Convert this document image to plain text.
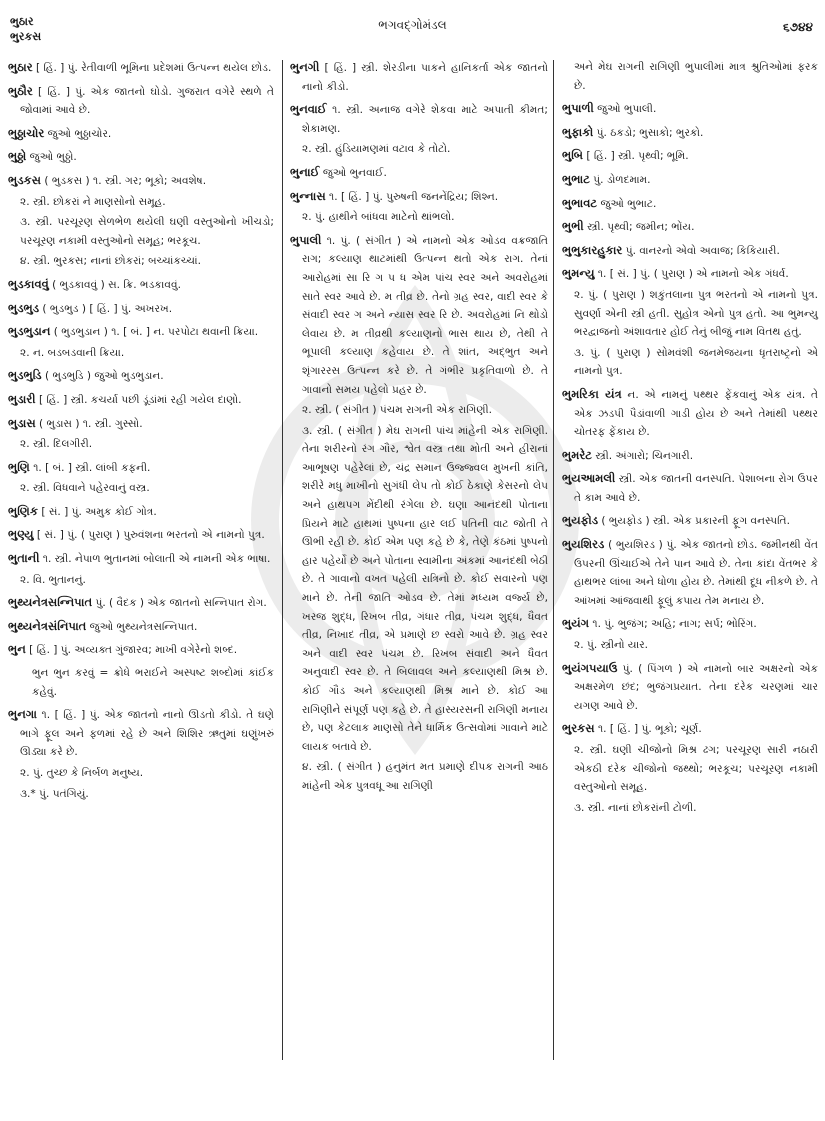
ભુઠાર
ભુરકસ
ભગવદ્ગોમંડલ	૬૭૪૪
ભુઠાર [ હિં. ] પું. રેતીવાળી ભૂમિના પ્રદેશમાં ઉત્પન્ન થયેલ છોડ.
ભુઠૌર [ હિં. ] પું. એક જાતનો ઘોડો. ગુજરાત વગેરે સ્થળે તે જોવામાં આવે છે.
ભુઠ્ઠાચોર જુઓ ભુઠ્ઠાચોર.
ભુઠ્ઠો જુઓ ભુઠ્ઠો.
ભુડકસ ( ભુડકસ ) ૧. સ્ત્રી. ગર; ભૂકો; અવશેષ.
૨. સ્ત્રી. છોકરાં ને માણસોનો સમૂહ.
૩. સ્ત્રી. પરચૂરણ સેળભેળ થયેલી ઘણી વસ્તુઓનો ખીચડો; પરચૂરણ નકામી વસ્તુઓનો સમૂહ; ભરકૂચ.
૪. સ્ત્રી. ભુરકસ; નાનાં છોકરાં; બચ્ચાંકચ્ચાં.
ભુડકાવવું ( ભુડકાવવું ) સ. ક્રિ. ભડકાવવું.
ભુડભુડ ( ભુડભુડ ) [ હિં. ] પું. અખરખ.
ભુડભુડાન ( ભુડભુડાન ) ૧. [ બં. ] ન. પરપોટા થવાની ક્રિયા.
૨. ન. બડબડવાની ક્રિયા.
ભુડભુડિ ( ભુડભુડિ ) જુઓ ભુડભુડાન.
ભુડારી [ હિં. ] સ્ત્રી. કચર્યા પછી ડૂંડાંમાં રહી ગયેલ દાણો.
ભુડાસ ( ભુડાસ ) ૧. સ્ત્રી. ગુસ્સો.
૨. સ્ત્રી. દિલગીરી.
ભુણિ ૧. [ બં. ] સ્ત્રી. લાંબી કફની.
૨. સ્ત્રી. વિધવાને પહેરવાનું વસ્ત્ર.
ભુણિક [ સં. ] પું. અમુક કોઈ ગોત્ર.
ભુણ્યુ [ સં. ] પું. ( પુરાણ ) પુરુવંશના ભરતનો એ નામનો પુત્ર.
ભુતાની ૧. સ્ત્રી. નેપાળ ભુતાનમાં બોલાતી એ નામની એક ભાષા.
૨. વિ. ભુતાનનું.
ભુથ્યનેત્રસન્નિપાત પું. ( વૈદક ) એક જાતનો સન્નિપાત રોગ.
ભુથ્યનેત્રસંનિપાત જુઓ ભુથ્યનેત્રસન્નિપાત.
ભુન [ હિં. ] પું. અવ્યક્ત ગુંજારવ; માખી વગેરેનો શબ્દ.
ભુન ભુન કરવું = ક્રોધે ભરાઈને અસ્પષ્ટ શબ્દોમાં કાંઈક કહેવું.
ભુનગા ૧. [ હિં. ] પું. એક જાતનો નાનો ઊડતો કીડો. તે ઘણે ભાગે ફૂલ અને ફળમાં રહે છે અને શિશિર ઋતુમાં ઘણુંખરું ઊડ્યા કરે છે.
૨. પું. તુચ્છ કે નિર્બળ મનુષ્ય.
૩.* પું. પતંગિયું.
ભુનગી [ હિં. ] સ્ત્રી. શેરડીના પાકને હાનિકર્તા એક જાતનો નાનો કીડો.
ભુનવાઈ ૧. સ્ત્રી. અનાજ વગેરે શેકવા માટે અપાતી કીમત; શેકામણ.
૨. સ્ત્રી. હુંડિયામણમાં વટાવ કે તોટો.
ભુનાઈ જુઓ ભુનવાઈ.
ભુન્નાસ ૧. [ હિં. ] પું. પુરુષની જનનેંદ્રિય; શિશ્ન.
૨. પું. હાથીને બાંધવા માટેનો થાંભલો.
ભુપાલી ૧. પું. ( સંગીત ) એ નામનો એક ઓડવ વક્રજાતિ રાગ; કલ્યાણ થાટમાંથી ઉત્પન્ન થતો એક રાગ. તેનાં આરોહમાં સા રિ ગ પ ધ એમ પાંચ સ્વર અને અવરોહમાં સાતે સ્વર આવે છે. મ તીવ્ર છે. તેનો ગ્રહ સ્વર, વાદી સ્વર કે સંવાદી સ્વર ગ અને ન્યાસ સ્વર રિ છે. અવરોહમાં નિ થોડો લેવાય છે. મ તીવ્રથી કલ્યાણનો ભાસ થાય છે, તેથી તે ભૂપાલી કલ્યાણ કહેવાય છે. તે શાંત, અદ્ભુત અને શૃંગારરસ ઉત્પન્ન કરે છે. તે ગંભીર પ્રકૃતિવાળો છે. તે ગાવાનો સમય પહેલો પ્રહર છે.
૨. સ્ત્રી. ( સંગીત ) પંચમ રાગની એક રાગિણી.
૩. સ્ત્રી. ( સંગીત ) મેઘ રાગની પાંચ માંહેની એક રાગિણી. તેના શરીરનો રંગ ગૌર, શ્વેત વસ્ત્ર તથા મોતી અને હીરાનાં આભૂષણ પહેરેલાં છે, ચંદ્ર સમાન ઉજ્જ્વલ મુખની કાંતિ, શરીરે મધુ માખીનો સુગંધી લેપ તો કોઈ ઠેકાણે કેસરનો લેપ અને હાથપગ મેંદીથી રંગેલા છે. ઘણા આનંદથી પોતાના પ્રિયને માટે હાથમાં પુષ્પના હાર લઈ પતિની વાટ જોતી તે ઊભી રહી છે. કોઈ એમ પણ કહે છે કે, તેણે કંઠમાં પુષ્પનો હાર પહેર્યો છે અને પોતાના સ્વામીના અંકમાં આનંદથી બેઠી છે. તે ગાવાનો વખત પહેલી રાત્રિનો છે. કોઈ સવારનો પણ માને છે. તેની જાતિ ઓડવ છે. તેમાં મધ્યમ વર્જ્ય છે, ખરજ શુદ્ધ, રિખબ તીવ્ર, ગંધાર તીવ્ર, પંચમ શુદ્ધ, ધૈવત તીવ્ર, નિખાદ તીવ્ર, એ પ્રમાણે છ સ્વરો આવે છે. ગ્રહ સ્વર અને વાદી સ્વર પંચમ છે. રિખબ સંવાદી અને ધૈવત અનુવાદી સ્વર છે. તે બિલાવલ અને કલ્યાણથી મિશ્ર છે. કોઈ ગૌડ અને કલ્યાણથી મિશ્ર માને છે. કોઈ આ રાગિણીને સંપૂર્ણ પણ કહે છે. તે હાસ્યરસની રાગિણી મનાય છે, પણ કેટલાક માણસો તેને ધાર્મિક ઉત્સવોમાં ગાવાને માટે લાયક બતાવે છે.
૪. સ્ત્રી. ( સંગીત ) હનુમંત મત પ્રમાણે દીપક રાગની આઠ માંહેની એક પુત્રવધૂ આ રાગિણી
અને મેઘ રાગની રાગિણી ભુપાલીમાં માત્ર શ્રુતિઓમાં ફરક છે.
ભુપાળી જુઓ ભુપાલી.
ભુફાકો પું. ઠકડો; ભુસાકો; ભુરકો.
ભુબિ [ હિં. ] સ્ત્રી. પૃથ્વી; ભૂમિ.
ભુભાટ પું. ડોળદમામ.
ભુભાવટ જુઓ ભુભાટ.
ભુભી સ્ત્રી. પૃથ્વી; જમીન; ભોંય.
ભુભુકારહુકાર પું. વાનરનો એવો અવાજ; કિકિયારી.
ભુમન્યુ ૧. [ સં. ] પું. ( પુરાણ ) એ નામનો એક ગંધર્વ.
૨. પું. ( પુરાણ ) શકુંતલાના પુત્ર ભરતનો એ નામનો પુત્ર. સુવર્ણા એની સ્ત્રી હતી. સુહોત્ર એનો પુત્ર હતો. આ ભુમન્યુ ભરદ્વાજનો અંશાવતાર હોઈ તેનું બીજું નામ વિતથ હતું.
૩. પું. ( પુરાણ ) સોમવંશી જનમેજયના ધૃતરાષ્ટ્રનો એ નામનો પુત્ર.
ભુમરિકા યંત્ર ન. એ નામનું પથ્થર ફેંકવાનું એક યંત્ર. તે એક ઝડપી પૈડાંવાળી ગાડી હોય છે અને તેમાંથી પથ્થર ચોતરફ ફેંકાય છે.
ભુમરેટ સ્ત્રી. અંગારો; ચિનગારી.
ભુયઆમલી સ્ત્રી. એક જાતની વનસ્પતિ. પેશાબના રોગ ઉપર તે કામ આવે છે.
ભુયફોડ ( ભુયફોડ ) સ્ત્રી. એક પ્રકારની ફૂગ વનસ્પતિ.
ભુયશિરડ ( ભુયશિરડ ) પું. એક જાતનો છોડ. જમીનથી વેંત ઉપરની ઊંચાઈએ તેને પાન આવે છે. તેના કાંદા વેંતભર કે હાથભર લાંબા અને ધોળા હોય છે. તેમાંથી દૂધ નીકળે છે. તે આંખમાં આંજવાથી ફૂલું કપાય તેમ મનાય છે.
ભુયંગ ૧. પું. ભુજંગ; અહિ; નાગ; સર્પ; ભોરિંગ.
૨. પું. સ્ત્રીનો યાર.
ભુયંગપયાઉ પું. ( પિંગળ ) એ નામનો બાર અક્ષરનો એક અક્ષરમેળ છંદ; ભુજંગપ્રયાત. તેના દરેક ચરણમાં ચાર યગણ આવે છે.
ભુરકસ ૧. [ હિં. ] પું. ભૂકો; ચૂર્ણ.
૨. સ્ત્રી. ઘણી ચીજોનો મિશ્ર ઢગ; પરચૂરણ સારી નઠારી એકઠી દરેક ચીજોનો જથ્થો; ભરકૂચ; પરચૂરણ નકામી વસ્તુઓનો સમૂહ.
૩. સ્ત્રી. નાનાં છોકરાંની ટોળી.
